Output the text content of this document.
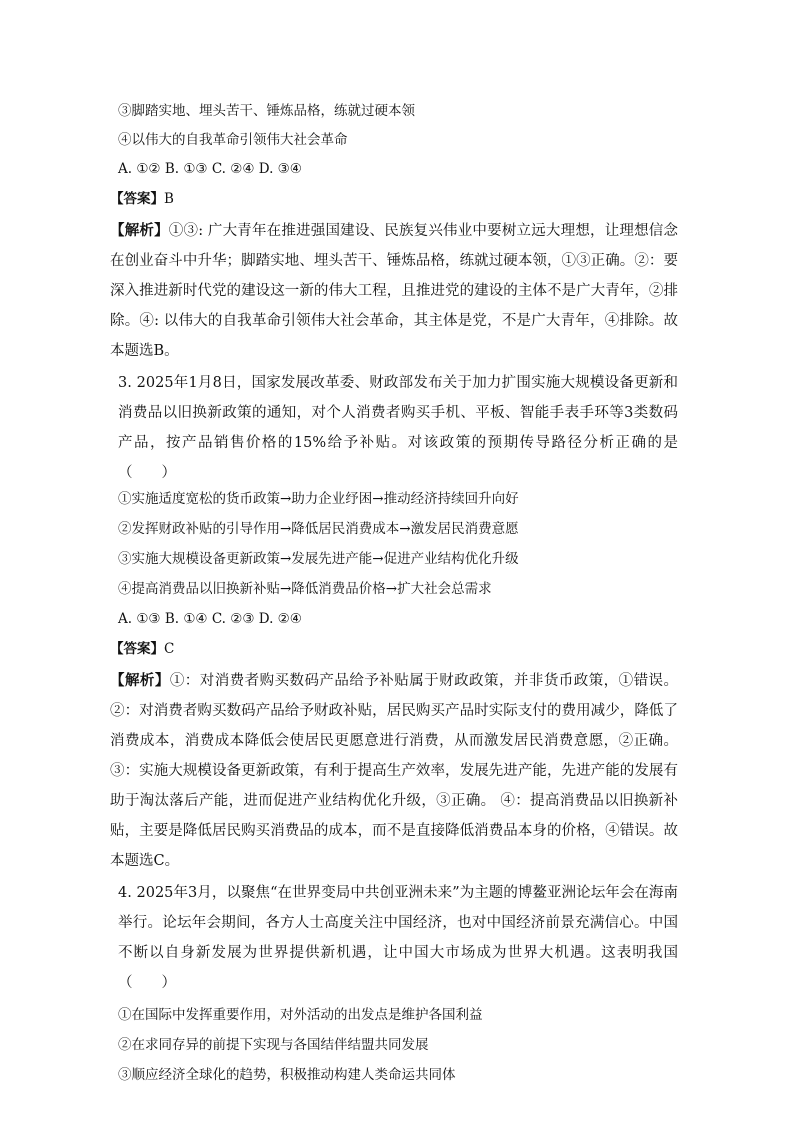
③脚踏实地、埋头苦干、锤炼品格，练就过硬本领

④以伟大的自我革命引领伟大社会革命

A. ①② B. ①③ C. ②④ D. ③④

【答案】B

【解析】①③: 广大青年在推进强国建设、民族复兴伟业中要树立远大理想，让理想信念在创业奋斗中升华；脚踏实地、埋头苦干、锤炼品格，练就过硬本领，①③正确。②：要深入推进新时代党的建设这一新的伟大工程，且推进党的建设的主体不是广大青年，②排除。④: 以伟大的自我革命引领伟大社会革命，其主体是党，不是广大青年，④排除。故本题选B。

3. 2025年1月8日，国家发展改革委、财政部发布关于加力扩围实施大规模设备更新和消费品以旧换新政策的通知，对个人消费者购买手机、平板、智能手表手环等3类数码产品，按产品销售价格的15%给予补贴。对该政策的预期传导路径分析正确的是（　　）

①实施适度宽松的货币政策→助力企业纾困→推动经济持续回升向好

②发挥财政补贴的引导作用→降低居民消费成本→激发居民消费意愿

③实施大规模设备更新政策→发展先进产能→促进产业结构优化升级

④提高消费品以旧换新补贴→降低消费品价格→扩大社会总需求

A. ①③ B. ①④ C. ②③ D. ②④

【答案】C

【解析】①：对消费者购买数码产品给予补贴属于财政政策，并非货币政策，①错误。 ②：对消费者购买数码产品给予财政补贴，居民购买产品时实际支付的费用减少，降低了消费成本，消费成本降低会使居民更愿意进行消费，从而激发居民消费意愿，②正确。 ③：实施大规模设备更新政策，有利于提高生产效率，发展先进产能，先进产能的发展有助于淘汰落后产能，进而促进产业结构优化升级，③正确。 ④：提高消费品以旧换新补贴，主要是降低居民购买消费品的成本，而不是直接降低消费品本身的价格，④错误。故本题选C。

4. 2025年3月，以聚焦“在世界变局中共创亚洲未来”为主题的博鳌亚洲论坛年会在海南举行。论坛年会期间，各方人士高度关注中国经济，也对中国经济前景充满信心。中国不断以自身新发展为世界提供新机遇，让中国大市场成为世界大机遇。这表明我国（　　）

①在国际中发挥重要作用，对外活动的出发点是维护各国利益

②在求同存异的前提下实现与各国结伴结盟共同发展

③顺应经济全球化的趋势，积极推动构建人类命运共同体
